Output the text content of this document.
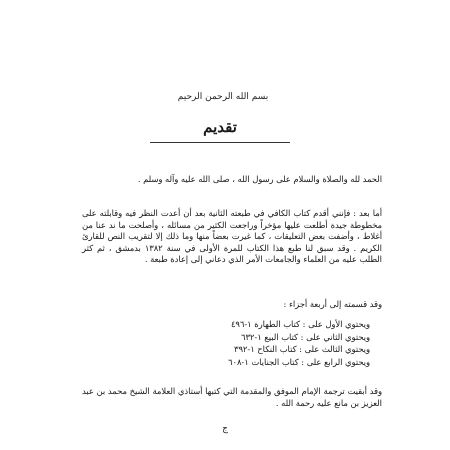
بسم الله الرحمن الرحيم
تقديم
الحمد لله والصلاة والسلام على رسول الله ، صلى الله عليه وآله وسلم .
أما بعد : فإنني أقدم كتاب الكافي في طبعته الثانية بعد أن أعدت النظر فيه وقابلته على مخطوطة جيدة أطلعت عليها مؤخراً وراجعت الكثير من مسائله ، وأصلحت ما ند عنا من أغلاط ، وأضفت بعض التعليقات ، كما غيرت بعضاً منها وما ذلك إلا لتقريب النص للقارئ الكريم . وقد سبق لنا طبع هذا الكتاب للمرة الأولى في سنة ١٣٨٢ بدمشق ، ثم كثر الطلب عليه من العلماء والجامعات الأمر الذي دعاني إلى إعادة طبعة .
وقد قسمته إلى أربعة أجزاء :
ويحتوي الأول على : كتاب الطهارة ١-٤٩٦
ويحتوي الثاني على : كتاب البيع ١-٦٣٢
ويحتوي الثالث على : كتاب النكاح ١-٣٩٢
ويحتوي الرابع على : كتاب الجنايات ١-٦٠٨
وقد أبقيت ترجمة الإمام الموفق والمقدمة التي كتبها أستاذي العلامة الشيخ محمد بن عبد العزيز بن مانع عليه رحمة الله .
ج
